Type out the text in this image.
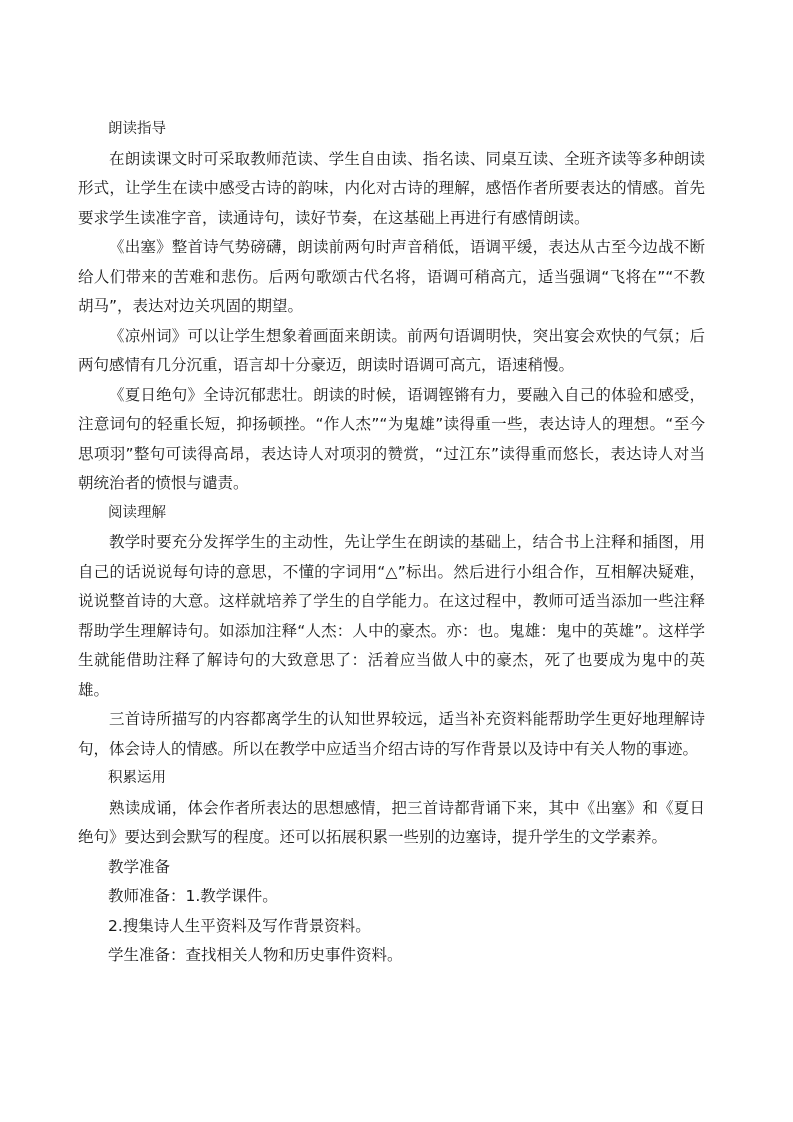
朗读指导
在朗读课文时可采取教师范读、学生自由读、指名读、同桌互读、全班齐读等多种朗读形式，让学生在读中感受古诗的韵味，内化对古诗的理解，感悟作者所要表达的情感。首先要求学生读准字音，读通诗句，读好节奏，在这基础上再进行有感情朗读。
《出塞》整首诗气势磅礴，朗读前两句时声音稍低，语调平缓，表达从古至今边战不断给人们带来的苦难和悲伤。后两句歌颂古代名将，语调可稍高亢，适当强调“飞将在”“不教胡马”，表达对边关巩固的期望。
《凉州词》可以让学生想象着画面来朗读。前两句语调明快，突出宴会欢快的气氛；后两句感情有几分沉重，语言却十分豪迈，朗读时语调可高亢，语速稍慢。
《夏日绝句》全诗沉郁悲壮。朗读的时候，语调铿锵有力，要融入自己的体验和感受，注意词句的轻重长短，抑扬顿挫。“作人杰”“为鬼雄”读得重一些，表达诗人的理想。“至今思项羽”整句可读得高昂，表达诗人对项羽的赞赏，“过江东”读得重而悠长，表达诗人对当朝统治者的愤恨与谴责。
阅读理解
教学时要充分发挥学生的主动性，先让学生在朗读的基础上，结合书上注释和插图，用自己的话说说每句诗的意思，不懂的字词用“△”标出。然后进行小组合作，互相解决疑难，说说整首诗的大意。这样就培养了学生的自学能力。在这过程中，教师可适当添加一些注释帮助学生理解诗句。如添加注释“人杰：人中的豪杰。亦：也。鬼雄：鬼中的英雄”。这样学生就能借助注释了解诗句的大致意思了：活着应当做人中的豪杰，死了也要成为鬼中的英雄。
三首诗所描写的内容都离学生的认知世界较远，适当补充资料能帮助学生更好地理解诗句，体会诗人的情感。所以在教学中应适当介绍古诗的写作背景以及诗中有关人物的事迹。
积累运用
熟读成诵，体会作者所表达的思想感情，把三首诗都背诵下来，其中《出塞》和《夏日绝句》要达到会默写的程度。还可以拓展积累一些别的边塞诗，提升学生的文学素养。
教学准备
教师准备：1.教学课件。
2.搜集诗人生平资料及写作背景资料。
学生准备：查找相关人物和历史事件资料。
